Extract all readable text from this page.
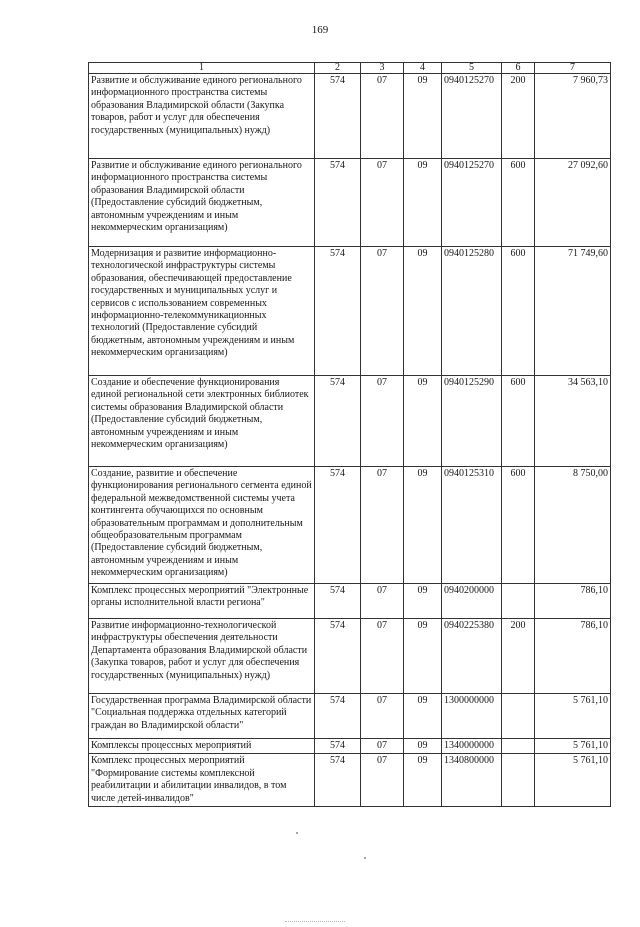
169
1	2	3	4	5	6	7
Развитие и обслуживание единого регионального информационного пространства системы образования Владимирской области (Закупка товаров, работ и услуг для обеспечения государственных (муниципальных) нужд)	574	07	09	0940125270	200	7 960,73
Развитие и обслуживание единого регионального информационного пространства системы образования Владимирской области (Предоставление субсидий бюджетным, автономным учреждениям и иным некоммерческим организациям)	574	07	09	0940125270	600	27 092,60
Модернизация и развитие информационно-технологической инфраструктуры системы образования, обеспечивающей предоставление государственных и муниципальных услуг и сервисов с использованием современных информационно-телекоммуникационных технологий (Предоставление субсидий бюджетным, автономным учреждениям и иным некоммерческим организациям)	574	07	09	0940125280	600	71 749,60
Создание и обеспечение функционирования единой региональной сети электронных библиотек системы образования Владимирской области (Предоставление субсидий бюджетным, автономным учреждениям и иным некоммерческим организациям)	574	07	09	0940125290	600	34 563,10
Создание, развитие и обеспечение функционирования регионального сегмента единой федеральной межведомственной системы учета контингента обучающихся по основным образовательным программам и дополнительным общеобразовательным программам (Предоставление субсидий бюджетным, автономным учреждениям и иным некоммерческим организациям)	574	07	09	0940125310	600	8 750,00
Комплекс процессных мероприятий "Электронные органы исполнительной власти региона"	574	07	09	0940200000		786,10
Развитие информационно-технологической инфраструктуры обеспечения деятельности Департамента образования Владимирской области (Закупка товаров, работ и услуг для обеспечения государственных (муниципальных) нужд)	574	07	09	0940225380	200	786,10
Государственная программа Владимирской области "Социальная поддержка отдельных категорий граждан во Владимирской области"	574	07	09	1300000000		5 761,10
Комплексы процессных мероприятий	574	07	09	1340000000		5 761,10
Комплекс процессных мероприятий "Формирование системы комплексной реабилитации и абилитации инвалидов, в том числе детей-инвалидов"	574	07	09	1340800000		5 761,10
